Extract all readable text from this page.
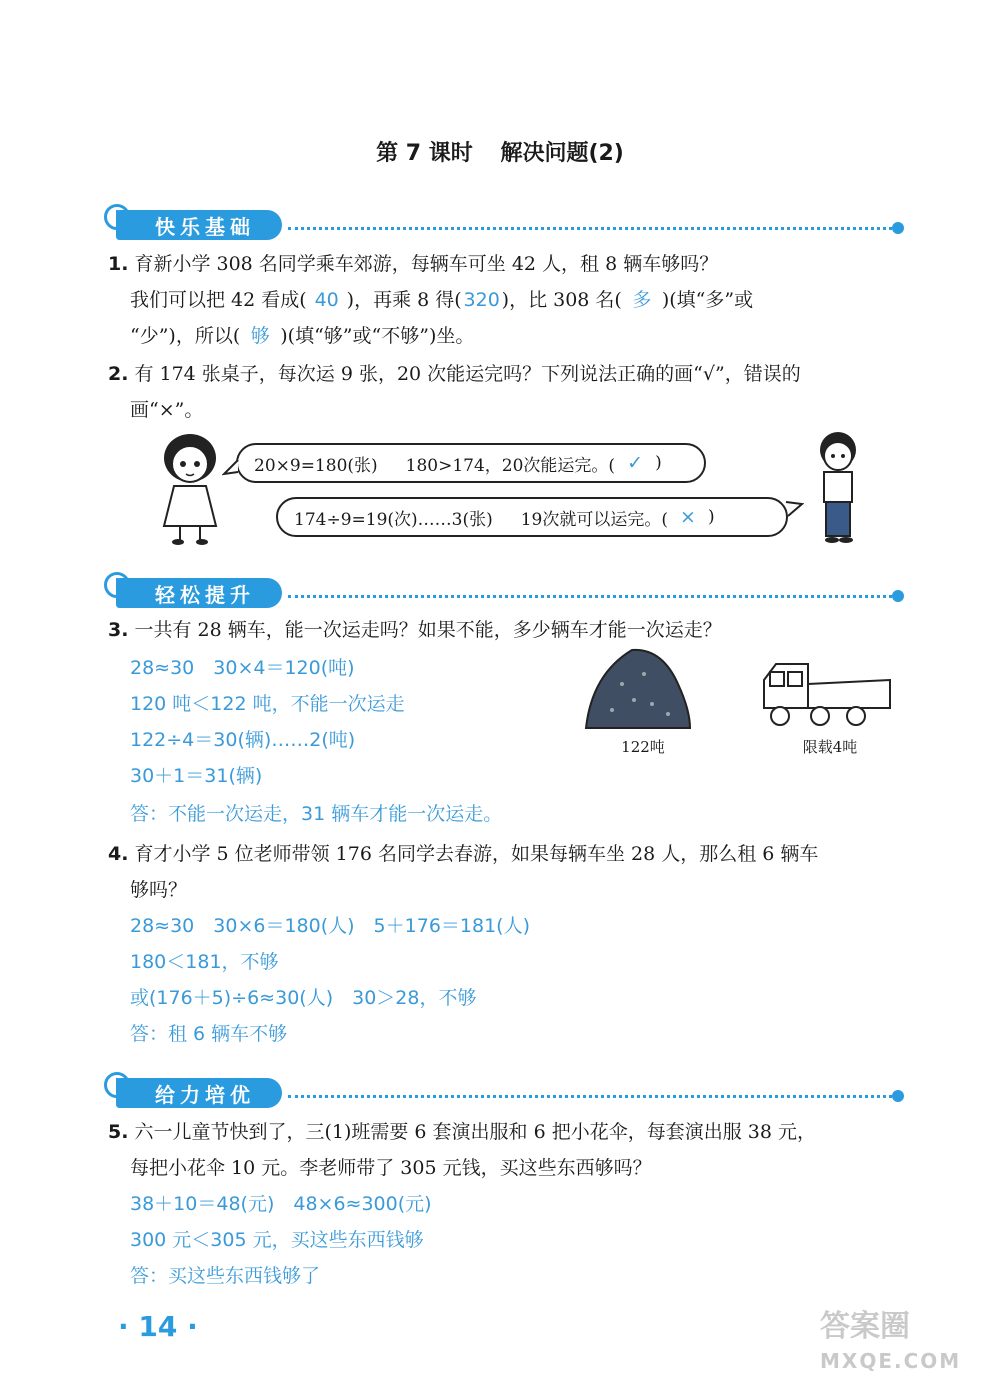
第 7 课时 解决问题(2)
快乐基础
1. 育新小学 308 名同学乘车郊游，每辆车可坐 42 人，租 8 辆车够吗？
我们可以把 42 看成( 40 )，再乘 8 得(320)，比 308 名( 多 )(填“多”或
“少”)，所以( 够 )(填“够”或“不够”)坐。
2. 有 174 张桌子，每次运 9 张，20 次能运完吗？下列说法正确的画“√”，错误的
画“×”。
20×9=180(张) 180>174，20次能运完。( ✓ )
174÷9=19(次)……3(张) 19次就可以运完。( × )
轻松提升
3. 一共有 28 辆车，能一次运走吗？如果不能，多少辆车才能一次运走？
28≈30　30×4＝120(吨)
120 吨＜122 吨，不能一次运走
122÷4＝30(辆)……2(吨)
30＋1＝31(辆)
答：不能一次运走，31 辆车才能一次运走。
122吨	限载4吨
4. 育才小学 5 位老师带领 176 名同学去春游，如果每辆车坐 28 人，那么租 6 辆车
够吗？
28≈30　30×6＝180(人)　5＋176＝181(人)
180＜181，不够
或(176＋5)÷6≈30(人)　30＞28，不够
答：租 6 辆车不够
给力培优
5. 六一儿童节快到了，三(1)班需要 6 套演出服和 6 把小花伞，每套演出服 38 元，
每把小花伞 10 元。李老师带了 305 元钱，买这些东西够吗？
38＋10＝48(元)　48×6≈300(元)
300 元＜305 元，买这些东西钱够
答：买这些东西钱够了
· 14 ·	答案圈
MXQE.COM
